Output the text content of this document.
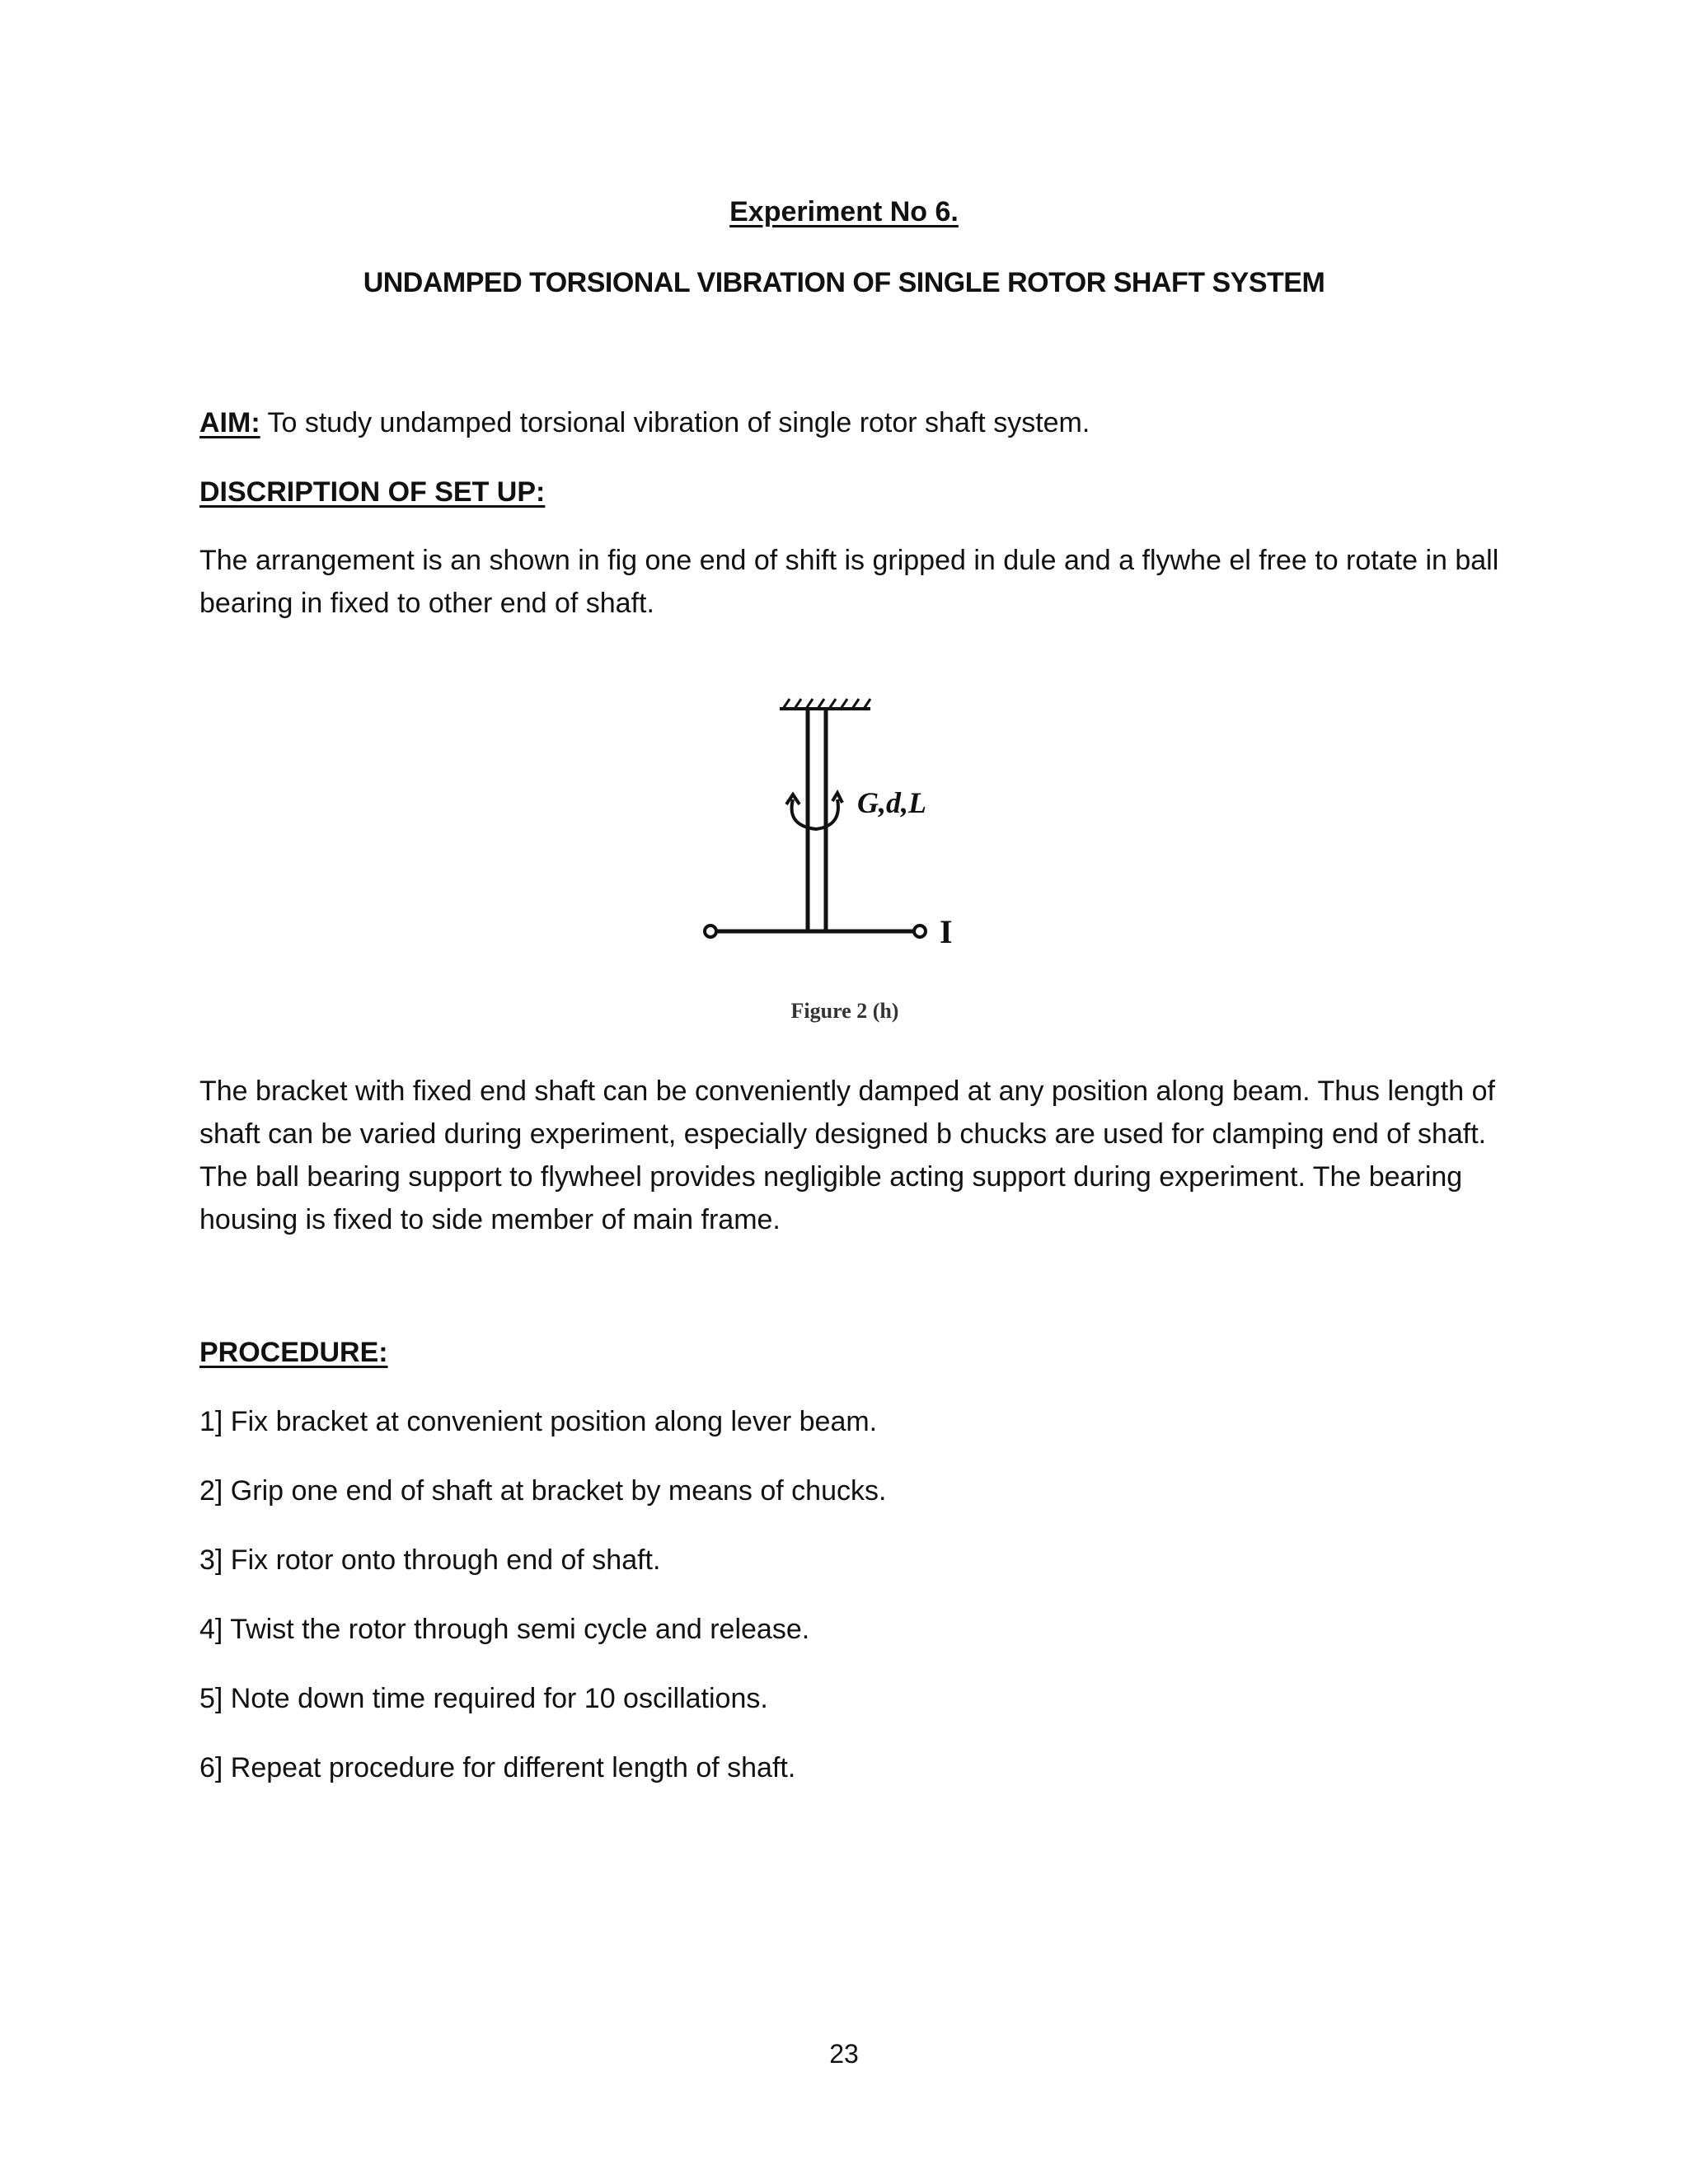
Experiment No 6.
UNDAMPED TORSIONAL VIBRATION OF SINGLE ROTOR SHAFT SYSTEM
AIM: To study undamped torsional vibration of single rotor shaft system.
DISCRIPTION OF SET UP:
The arrangement is an shown in fig one end of shift is gripped in dule and a flywhe el free to rotate in ball bearing in fixed to other end of shaft.
G,d,L
I
Figure 2 (h)
The bracket with fixed end shaft can be conveniently damped at any position along beam. Thus length of shaft can be varied during experiment, especially designed b chucks are used for clamping end of shaft. The ball bearing support to flywheel provides negligible acting support during experiment. The bearing housing is fixed to side member of main frame.
PROCEDURE:
1] Fix bracket at convenient position along lever beam.
2] Grip one end of shaft at bracket by means of chucks.
3] Fix rotor onto through end of shaft.
4] Twist the rotor through semi cycle and release.
5] Note down time required for 10 oscillations.
6] Repeat procedure for different length of shaft.
23
